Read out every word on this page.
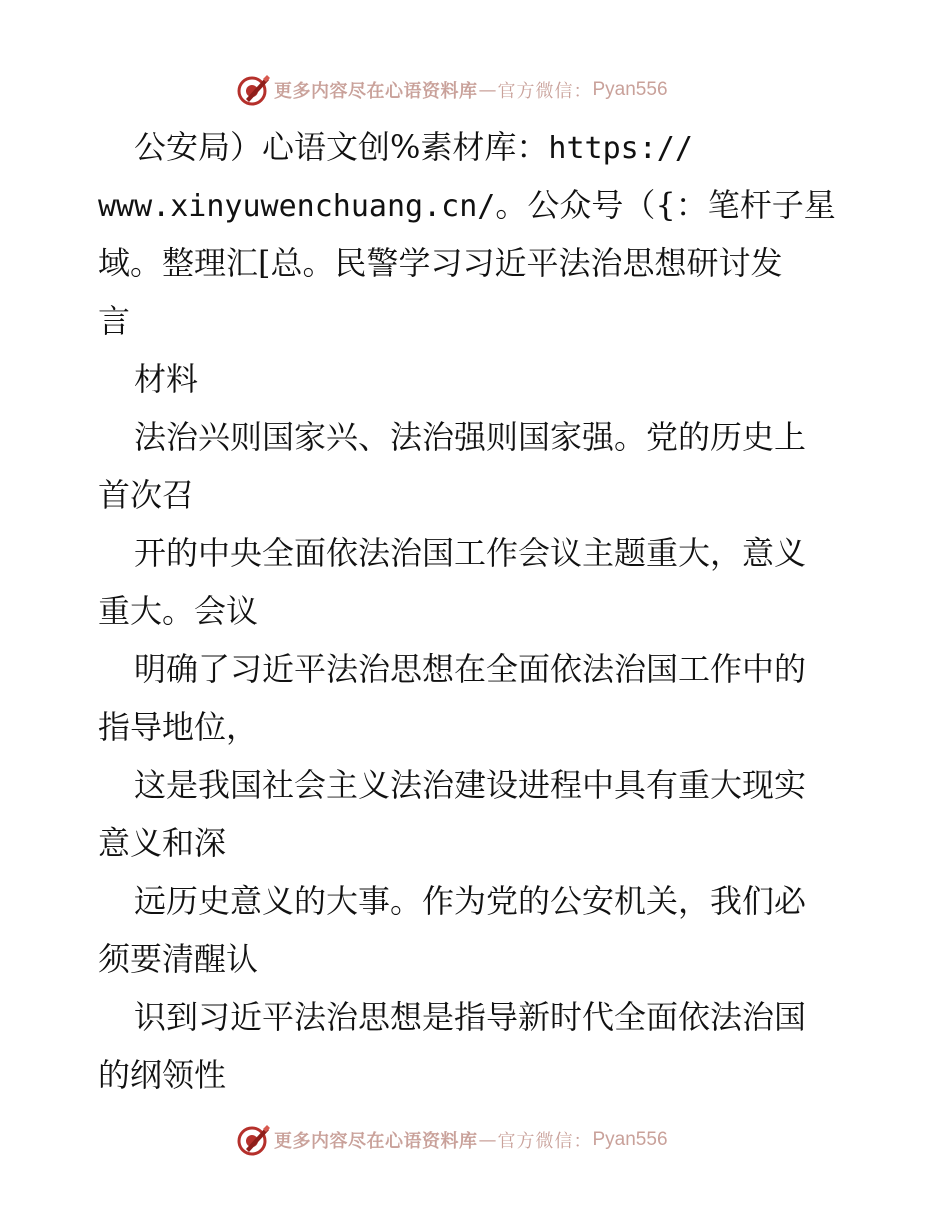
更多内容尽在心语资料库 — 官方微信： Pyan556
公安局）心语文创%素材库：https://
www.xinyuwenchuang.cn/。公众号（{：笔杆子星
域。整理汇[总。民警学习习近平法治思想研讨发
言
材料
法治兴则国家兴、法治强则国家强。党的历史上
首次召
开的中央全面依法治国工作会议主题重大，意义
重大。会议
明确了习近平法治思想在全面依法治国工作中的
指导地位，
这是我国社会主义法治建设进程中具有重大现实
意义和深
远历史意义的大事。作为党的公安机关，我们必
须要清醒认
识到习近平法治思想是指导新时代全面依法治国
的纲领性
更多内容尽在心语资料库 — 官方微信： Pyan556
